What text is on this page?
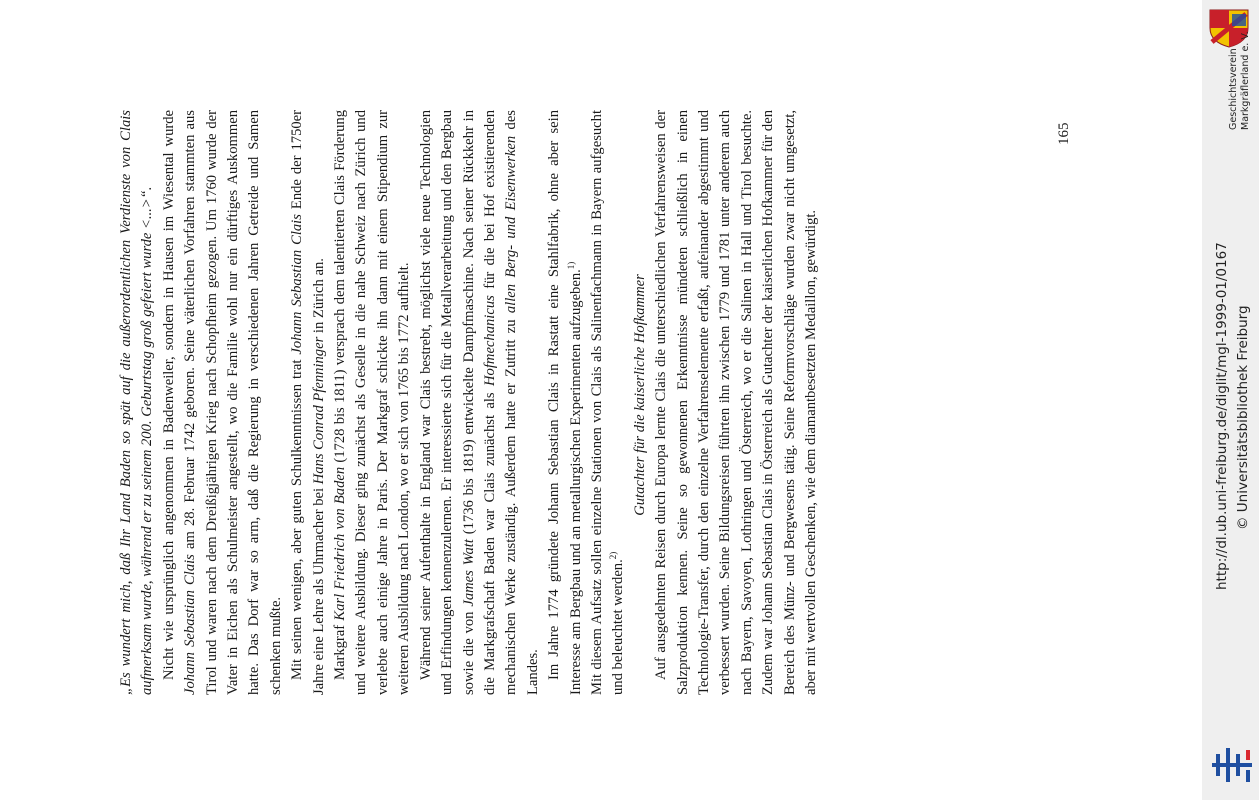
„Es wundert mich, daß Ihr Land Baden so spät auf die außerordentlichen Verdienste von Clais aufmerksam wurde, während er zu seinem 200. Geburtstag groß gefeiert wurde <...>“. Nicht wie ursprünglich angenommen in Badenweiler, sondern in Hausen im Wiesental wurde Johann Sebastian Clais am 28. Februar 1742 geboren. Seine väterlichen Vorfahren stammten aus Tirol und waren nach dem Dreißigjährigen Krieg nach Schopfheim gezogen. Um 1760 wurde der Vater in Eichen als Schulmeister angestellt, wo die Familie wohl nur ein dürftiges Auskommen hatte. Das Dorf war so arm, daß die Regierung in verschiedenen Jahren Getreide und Samen schenken mußte. Mit seinen wenigen, aber guten Schulkenntnissen trat Johann Sebastian Clais Ende der 1750er Jahre eine Lehre als Uhrmacher bei Hans Conrad Pfenninger in Zürich an.

Markgraf Karl Friedrich von Baden (1728 bis 1811) versprach dem talentierten Clais Förderung und weitere Ausbildung. Dieser ging zunächst als Geselle in die nahe Schweiz nach Zürich und verlebte auch einige Jahre in Paris. Der Markgraf schickte ihn dann mit einem Stipendium zur weiteren Ausbildung nach London, wo er sich von 1765 bis 1772 aufhielt. Während seiner Aufenthalte in England war Clais bestrebt, möglichst viele neue Technologien und Erfindungen kennenzulernen. Er interessierte sich für die Metallverarbeitung und den Bergbau sowie die von James Watt (1736 bis 1819) entwickelte Dampfmaschine. Nach seiner Rückkehr in die Markgrafschaft Baden war Clais zunächst als Hofmechanicus für die bei Hof existierenden mechanischen Werke zuständig. Außerdem hatte er Zutritt zu allen Berg- und Eisenwerken des Landes. Im Jahre 1774 gründete Johann Sebastian Clais in Rastatt eine Stahlfabrik, ohne aber sein Interesse am Bergbau und an metallurgischen Experimenten aufzugeben.$^{1)}$ Mit diesem Aufsatz sollen einzelne Stationen von Clais als Salinenfachmann in Bayern aufgesucht und beleuchtet werden.$^{2)}$

Gutachter für die kaiserliche Hofkammer Auf ausgedehnten Reisen durch Europa lernte Clais die unterschiedlichen Verfahrensweisen der Salzproduktion kennen. Seine so gewonnenen Erkenntnisse mündeten schließlich in einen Technologie-Transfer, durch den einzelne Verfahrenselemente erfaßt, aufeinander abgestimmt und verbessert wurden. Seine Bildungsreisen führten ihn zwischen 1779 und 1781 unter anderem auch nach Bayern, Savoyen, Lothringen und Österreich, wo er die Salinen in Hall und Tirol besuchte. Zudem war Johann Sebastian Clais in Österreich als Gutachter der kaiserlichen Hofkammer für den Bereich des Münz- und Bergwesens tätig. Seine Reformvorschläge wurden zwar nicht umgesetzt, aber mit wertvollen Geschenken, wie dem diamantbesetzten Medaillon, gewürdigt.

165
Geschichtsverein Markgräflerland e. V.
http://dl.ub.uni-freiburg.de/diglit/mgl-1999-01/0167 © Universitätsbibliothek Freiburg
